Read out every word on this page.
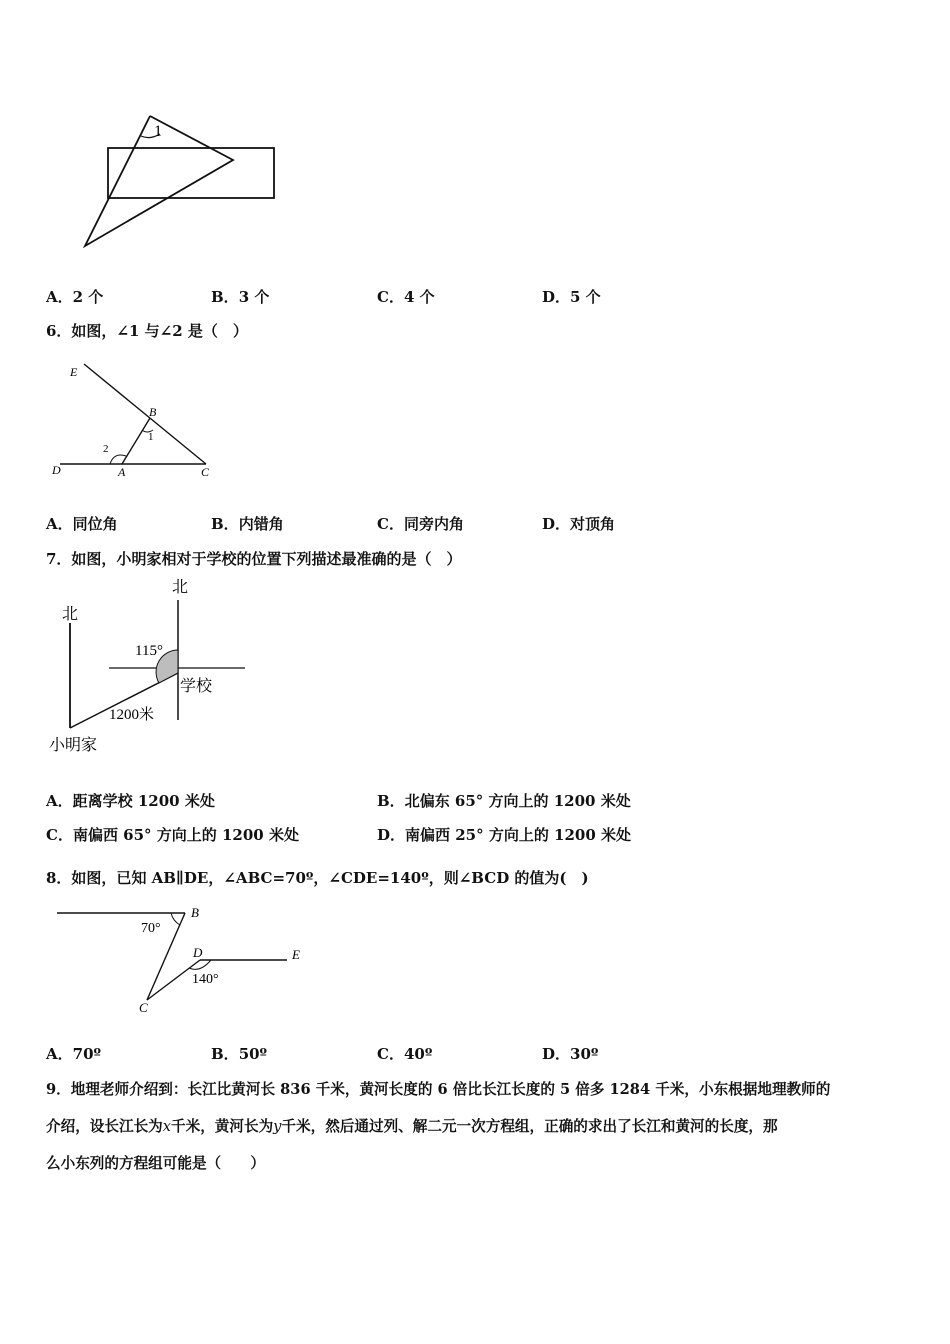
1
A．2 个	B．3 个	C．4 个	D．5 个
6．如图，∠1 与∠2 是（　）
E
B
1
2
D	A	C
A．同位角	B．内错角	C．同旁内角	D．对顶角
7．如图，小明家相对于学校的位置下列描述最准确的是（　）
北
北
115°
学校
1200米
小明家
A．距离学校 1200 米处	B．北偏东 65° 方向上的 1200 米处
C．南偏西 65° 方向上的 1200 米处	D．南偏西 25° 方向上的 1200 米处
8．如图，已知 AB∥DE，∠ABC=70º，∠CDE=140º，则∠BCD 的值为(　)
B
70°
D	E
140°
C
A．70º	B．50º	C．40º	D．30º
9．地理老师介绍到：长江比黄河长 836 千米，黄河长度的 6 倍比长江长度的 5 倍多 1284 千米，小东根据地理教师的
介绍，设长江长为x千米，黄河长为y千米，然后通过列、解二元一次方程组，正确的求出了长江和黄河的长度，那
么小东列的方程组可能是（　　）
